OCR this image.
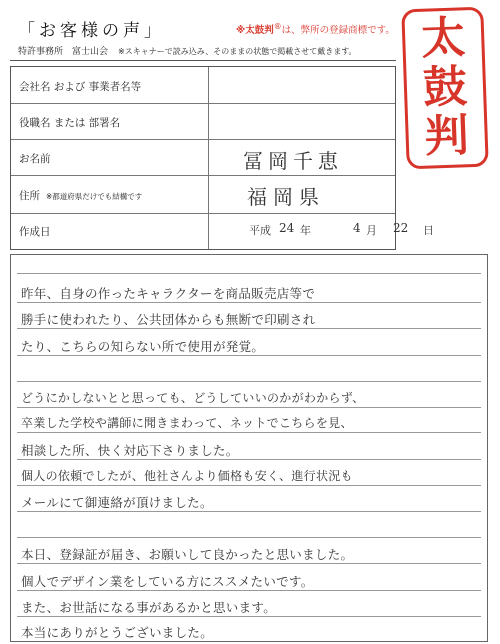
「お客様の声」	※太鼓判®は、弊所の登録商標です。
特許事務所　富士山会 ※スキャナーで読み込み、そのままの状態で掲載させて戴きます。 太
鼓
判
会社名 および 事業者名等
役職名 または 部署名
お名前	冨岡千恵
住所 ※都道府県だけでも結構です	福岡県
作成日	平成 24 年	4 月 22 日
昨年、自身の作ったキャラクターを商品販売店等で
勝手に使われたり、公共団体からも無断で印刷され
たり、こちらの知らない所で使用が発覚。
どうにかしないとと思っても、どうしていいのかがわからず、
卒業した学校や講師に聞きまわって、ネットでこちらを見、
相談した所、快く対応下さりました。
個人の依頼でしたが、他社さんより価格も安く、進行状況も
メールにて御連絡が頂けました。
本日、登録証が届き、お願いして良かったと思いました。
個人でデザイン業をしている方にススメたいです。
また、お世話になる事があるかと思います。
本当にありがとうございました。
